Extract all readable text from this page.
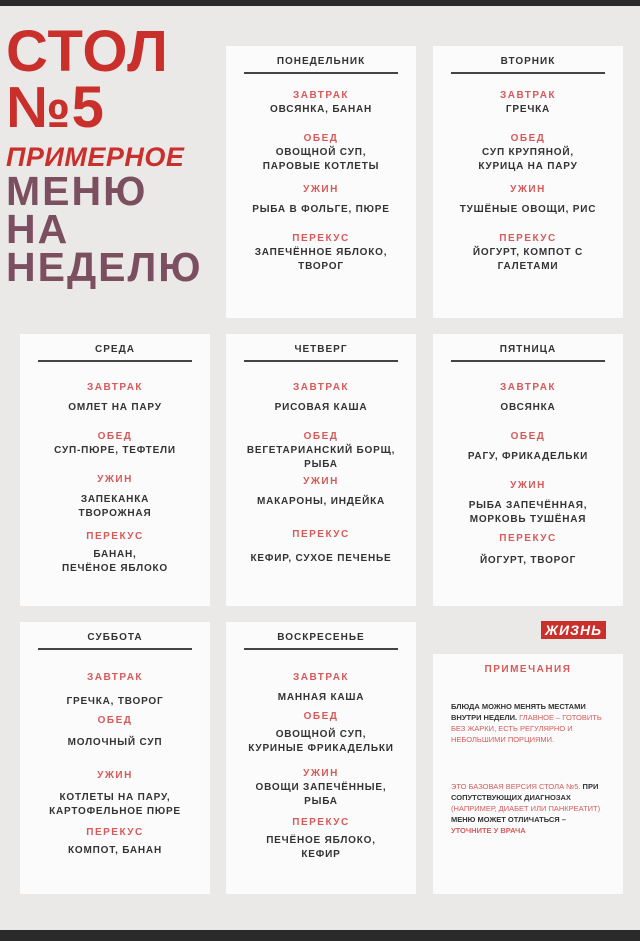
СТОЛ
№5
ПРИМЕРНОЕ
МЕНЮ
НА
НЕДЕЛЮ
ПОНЕДЕЛЬНИК
ЗАВТРАК
ОВСЯНКА, БАНАН
ОБЕД
ОВОЩНОЙ СУП,
ПАРОВЫЕ КОТЛЕТЫ
УЖИН
РЫБА В ФОЛЬГЕ, ПЮРЕ
ПЕРЕКУС
ЗАПЕЧЁННОЕ ЯБЛОКО,
ТВОРОГ
ВТОРНИК
ЗАВТРАК
ГРЕЧКА
ОБЕД
СУП КРУПЯНОЙ,
КУРИЦА НА ПАРУ
УЖИН
ТУШЁНЫЕ ОВОЩИ, РИС
ПЕРЕКУС
ЙОГУРТ, КОМПОТ С
ГАЛЕТАМИ
СРЕДА
ЗАВТРАК
ОМЛЕТ НА ПАРУ
ОБЕД
СУП-ПЮРЕ, ТЕФТЕЛИ
УЖИН
ЗАПЕКАНКА
ТВОРОЖНАЯ
ПЕРЕКУС
БАНАН,
ПЕЧЁНОЕ ЯБЛОКО
ЧЕТВЕРГ
ЗАВТРАК
РИСОВАЯ КАША
ОБЕД
ВЕГЕТАРИАНСКИЙ БОРЩ,
РЫБА
УЖИН
МАКАРОНЫ, ИНДЕЙКА
ПЕРЕКУС
КЕФИР, СУХОЕ ПЕЧЕНЬЕ
ПЯТНИЦА
ЗАВТРАК
ОВСЯНКА
ОБЕД
РАГУ, ФРИКАДЕЛЬКИ
УЖИН
РЫБА ЗАПЕЧЁННАЯ,
МОРКОВЬ ТУШЁНАЯ
ПЕРЕКУС
ЙОГУРТ, ТВОРОГ
СУББОТА
ЗАВТРАК
ГРЕЧКА, ТВОРОГ
ОБЕД
МОЛОЧНЫЙ СУП
УЖИН
КОТЛЕТЫ НА ПАРУ,
КАРТОФЕЛЬНОЕ ПЮРЕ
ПЕРЕКУС
КОМПОТ, БАНАН
ВОСКРЕСЕНЬЕ
ЗАВТРАК
МАННАЯ КАША
ОБЕД
ОВОЩНОЙ СУП,
КУРИНЫЕ ФРИКАДЕЛЬКИ
УЖИН
ОВОЩИ ЗАПЕЧЁННЫЕ,
РЫБА
ПЕРЕКУС
ПЕЧЁНОЕ ЯБЛОКО,
КЕФИР
ЖИЗНЬ
ПРИМЕЧАНИЯ
БЛЮДА МОЖНО МЕНЯТЬ МЕСТАМИ ВНУТРИ НЕДЕЛИ. ГЛАВНОЕ – ГОТОВИТЬ БЕЗ ЖАРКИ, ЕСТЬ РЕГУЛЯРНО И НЕБОЛЬШИМИ ПОРЦИЯМИ.
ЭТО БАЗОВАЯ ВЕРСИЯ СТОЛА №5. ПРИ СОПУТСТВУЮЩИХ ДИАГНОЗАХ (НАПРИМЕР, ДИАБЕТ ИЛИ ПАНКРЕАТИТ) МЕНЮ МОЖЕТ ОТЛИЧАТЬСЯ – УТОЧНИТЕ У ВРАЧА
